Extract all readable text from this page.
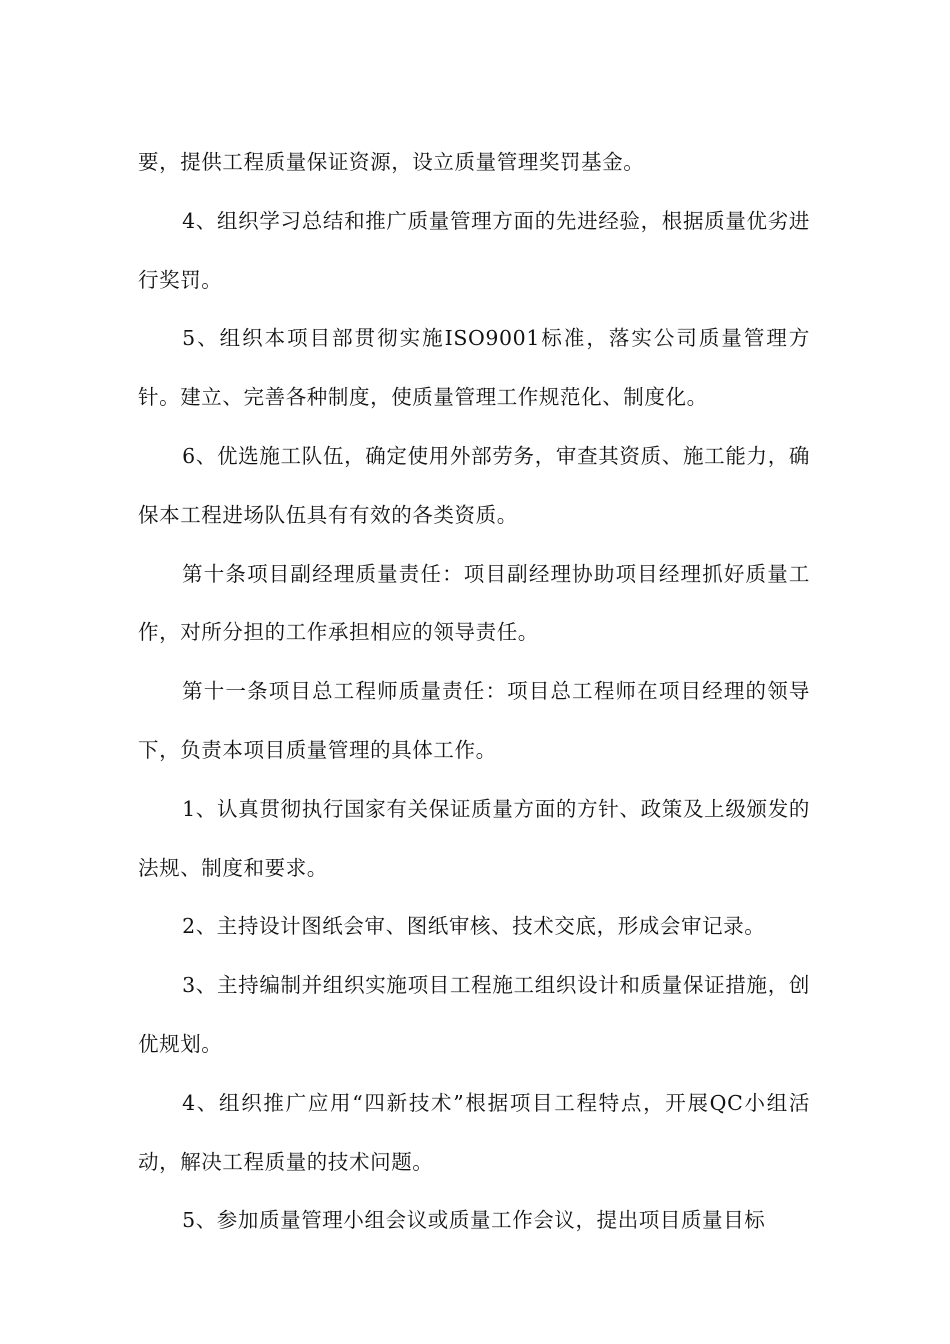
要，提供工程质量保证资源，设立质量管理奖罚基金。

4、组织学习总结和推广质量管理方面的先进经验，根据质量优劣进行奖罚。

5、组织本项目部贯彻实施ISO9001标准，落实公司质量管理方针。建立、完善各种制度，使质量管理工作规范化、制度化。

6、优选施工队伍，确定使用外部劳务，审查其资质、施工能力，确保本工程进场队伍具有有效的各类资质。

第十条项目副经理质量责任：项目副经理协助项目经理抓好质量工作，对所分担的工作承担相应的领导责任。

第十一条项目总工程师质量责任：项目总工程师在项目经理的领导下，负责本项目质量管理的具体工作。

1、认真贯彻执行国家有关保证质量方面的方针、政策及上级颁发的法规、制度和要求。

2、主持设计图纸会审、图纸审核、技术交底，形成会审记录。

3、主持编制并组织实施项目工程施工组织设计和质量保证措施，创优规划。

4、组织推广应用“四新技术”根据项目工程特点，开展QC小组活动，解决工程质量的技术问题。

5、参加质量管理小组会议或质量工作会议，提出项目质量目标
